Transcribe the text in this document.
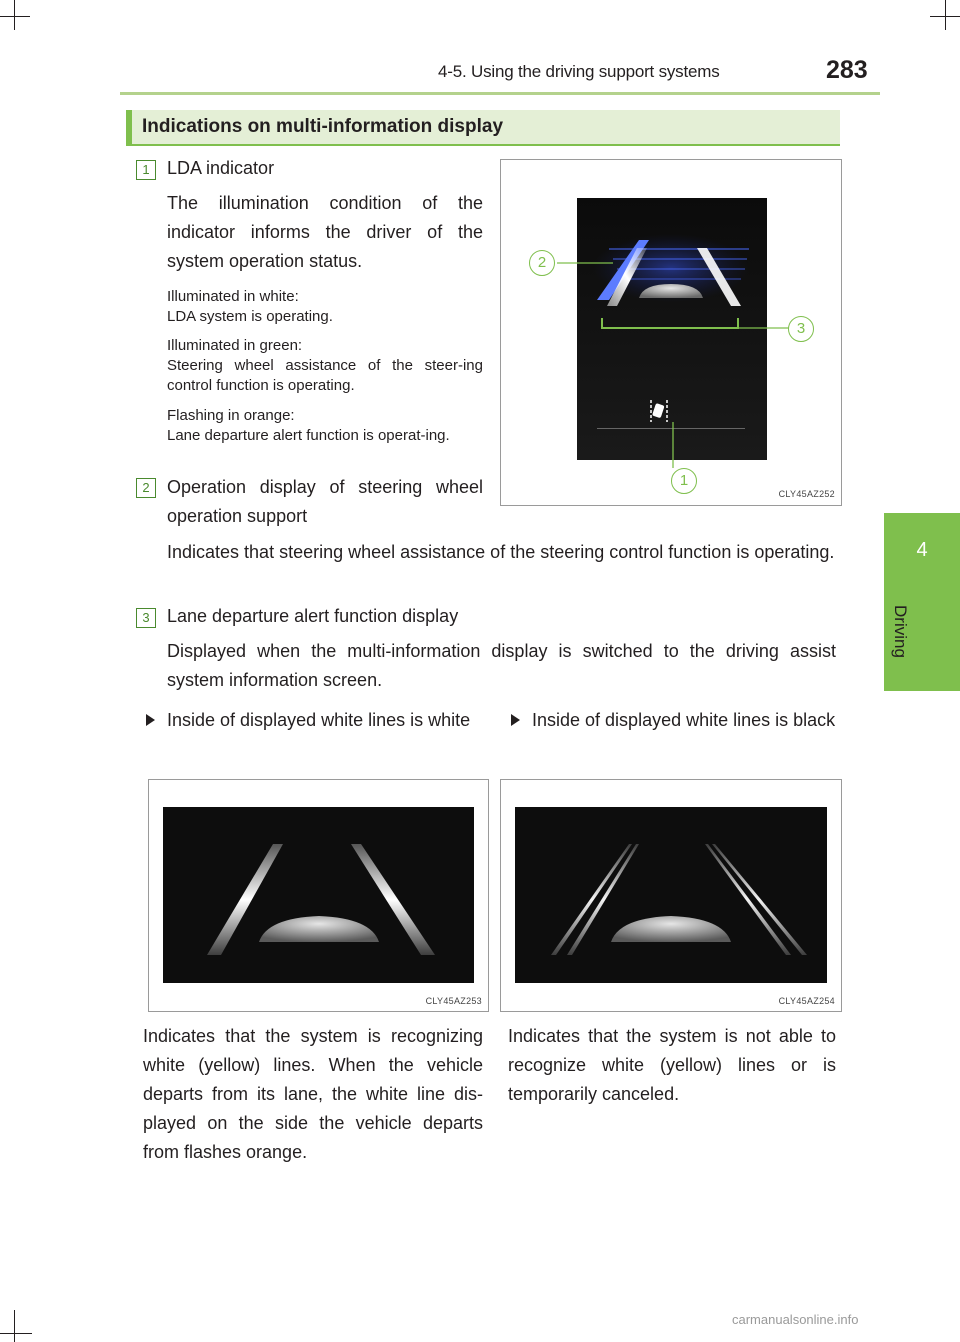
4-5. Using the driving support systems	283
4
Driving
Indications on multi-information display
1 LDA indicator
The illumination condition of the indicator informs the driver of the system operation status.
Illuminated in white:
LDA system is operating.
Illuminated in green:
Steering wheel assistance of the steer-ing control function is operating.
Flashing in orange:
Lane departure alert function is operat-ing.
2 Operation display of steering wheel operation support
Indicates that steering wheel assistance of the steering control function is operating.
3 Lane departure alert function display
Displayed when the multi-information display is switched to the driving assist system information screen.
2
3
1
CLY45AZ252
Inside of displayed white lines is white	Inside of displayed white lines is black
CLY45AZ253	CLY45AZ254
Indicates that the system is recognizing white (yellow) lines. When the vehicle departs from its lane, the white line dis-played on the side the vehicle departs from flashes orange.
Indicates that the system is not able to recognize white (yellow) lines or is temporarily canceled.
carmanualsonline.info
